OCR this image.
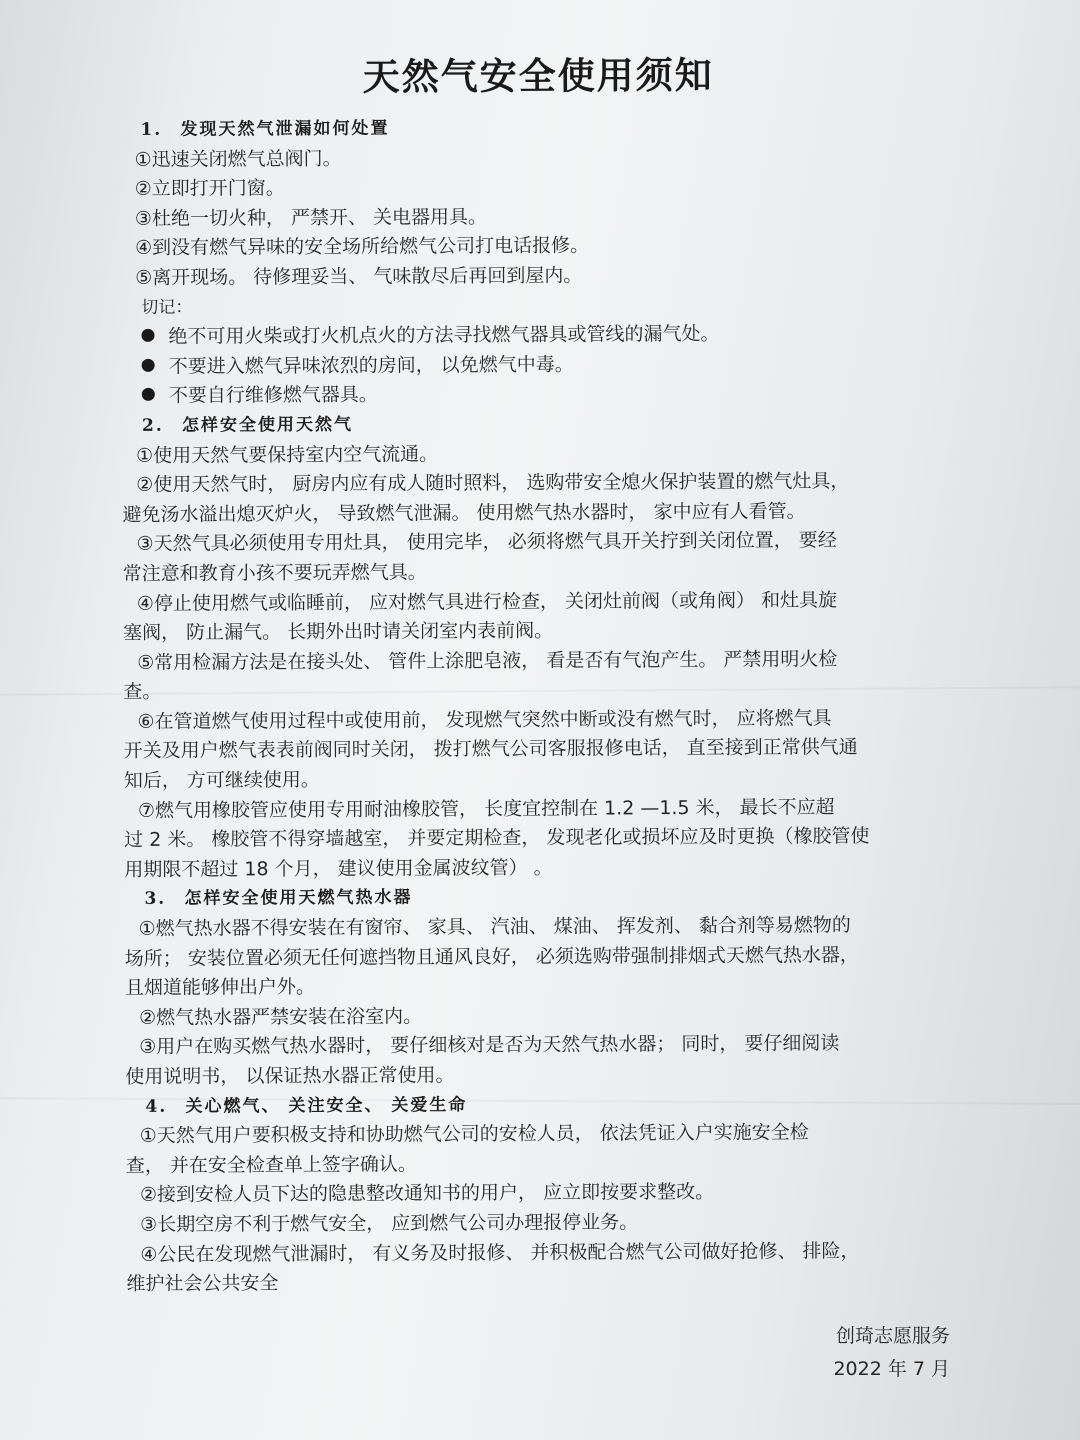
天然气安全使用须知
1. 发现天然气泄漏如何处置
①迅速关闭燃气总阀门。
②立即打开门窗。
③杜绝一切火种， 严禁开、 关电器用具。
④到没有燃气异味的安全场所给燃气公司打电话报修。
⑤离开现场。 待修理妥当、 气味散尽后再回到屋内。
切记：
绝不可用火柴或打火机点火的方法寻找燃气器具或管线的漏气处。
不要进入燃气异味浓烈的房间， 以免燃气中毒。
不要自行维修燃气器具。
2. 怎样安全使用天然气
①使用天然气要保持室内空气流通。
②使用天然气时， 厨房内应有成人随时照料， 选购带安全熄火保护装置的燃气灶具，
避免汤水溢出熄灭炉火， 导致燃气泄漏。 使用燃气热水器时， 家中应有人看管。
③天然气具必须使用专用灶具， 使用完毕， 必须将燃气具开关拧到关闭位置， 要经
常注意和教育小孩不要玩弄燃气具。
④停止使用燃气或临睡前， 应对燃气具进行检查， 关闭灶前阀（或角阀） 和灶具旋
塞阀， 防止漏气。 长期外出时请关闭室内表前阀。
⑤常用检漏方法是在接头处、 管件上涂肥皂液， 看是否有气泡产生。 严禁用明火检
查。
⑥在管道燃气使用过程中或使用前， 发现燃气突然中断或没有燃气时， 应将燃气具
开关及用户燃气表表前阀同时关闭， 拨打燃气公司客服报修电话， 直至接到正常供气通
知后， 方可继续使用。
⑦燃气用橡胶管应使用专用耐油橡胶管， 长度宜控制在 1.2 —1.5 米， 最长不应超
过 2 米。 橡胶管不得穿墙越室， 并要定期检查， 发现老化或损坏应及时更换（橡胶管使
用期限不超过 18 个月， 建议使用金属波纹管） 。
3. 怎样安全使用天燃气热水器
①燃气热水器不得安装在有窗帘、 家具、 汽油、 煤油、 挥发剂、 黏合剂等易燃物的
场所； 安装位置必须无任何遮挡物且通风良好， 必须选购带强制排烟式天燃气热水器，
且烟道能够伸出户外。
②燃气热水器严禁安装在浴室内。
③用户在购买燃气热水器时， 要仔细核对是否为天然气热水器； 同时， 要仔细阅读
使用说明书， 以保证热水器正常使用。
4. 关心燃气、 关注安全、 关爱生命
①天然气用户要积极支持和协助燃气公司的安检人员， 依法凭证入户实施安全检
查， 并在安全检查单上签字确认。
②接到安检人员下达的隐患整改通知书的用户， 应立即按要求整改。
③长期空房不利于燃气安全， 应到燃气公司办理报停业务。
④公民在发现燃气泄漏时， 有义务及时报修、 并积极配合燃气公司做好抢修、 排险，
维护社会公共安全
创琦志愿服务
2022 年 7 月
